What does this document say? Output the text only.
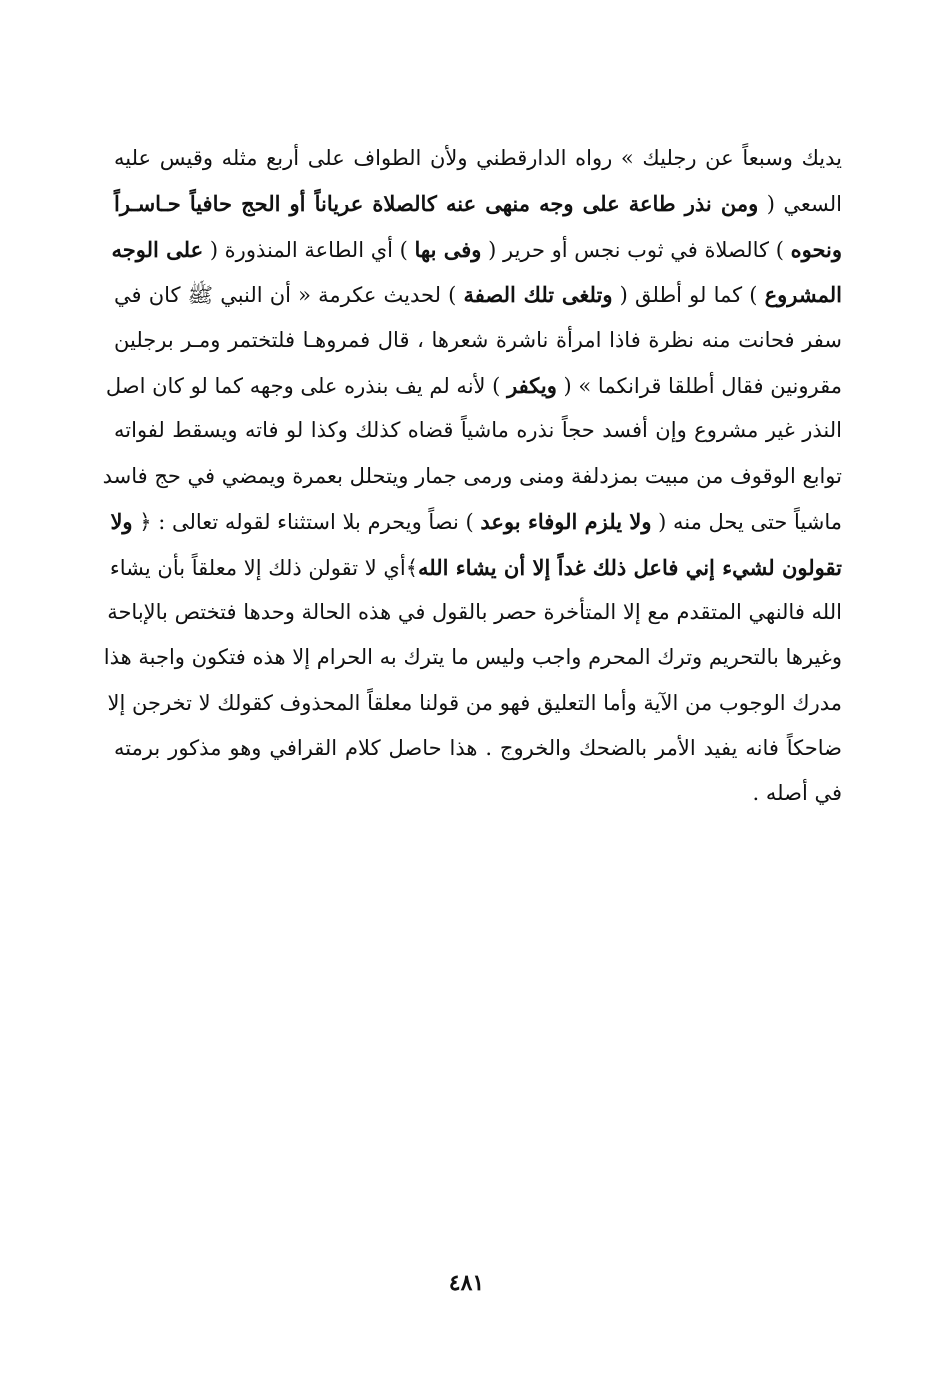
يديك وسبعاً عن رجليك » رواه الدارقطني ولأن الطواف على أربع مثله وقيس عليه
السعي ( ومن نذر طاعة على وجه منهى عنه كالصلاة عرياناً أو الحج حافياً حـاسـراً
ونحوه ) كالصلاة في ثوب نجس أو حرير ( وفى بها ) أي الطاعة المنذورة ( على الوجه
المشروع ) كما لو أطلق ( وتلغى تلك الصفة ) لحديث عكرمة « أن النبي ﷺ كان في
سفر فحانت منه نظرة فاذا امرأة ناشرة شعرها ، قال فمروهـا فلتختمر ومـر برجلين
مقرونين فقال أطلقا قرانكما » ( ويكفر ) لأنه لم يف بنذره على وجهه كما لو كان اصل
النذر غير مشروع وإن أفسد حجاً نذره ماشياً قضاه كذلك وكذا لو فاته ويسقط لفواته
توابع الوقوف من مبيت بمزدلفة ومنى ورمى جمار ويتحلل بعمرة ويمضي في حج فاسد
ماشياً حتى يحل منه ( ولا يلزم الوفاء بوعد ) نصاً ويحرم بلا استثناء لقوله تعالى : ﴿ ولا
تقولون لشيء إني فاعل ذلك غداً إلا أن يشاء الله﴾أي لا تقولن ذلك إلا معلقاً بأن يشاء
الله فالنهي المتقدم مع إلا المتأخرة حصر بالقول في هذه الحالة وحدها فتختص بالإباحة
وغيرها بالتحريم وترك المحرم واجب وليس ما يترك به الحرام إلا هذه فتكون واجبة هذا
مدرك الوجوب من الآية وأما التعليق فهو من قولنا معلقاً المحذوف كقولك لا تخرجن إلا
ضاحكاً فانه يفيد الأمر بالضحك والخروج . هذا حاصل كلام القرافي وهو مذكور برمته
في أصله .
٤٨١
